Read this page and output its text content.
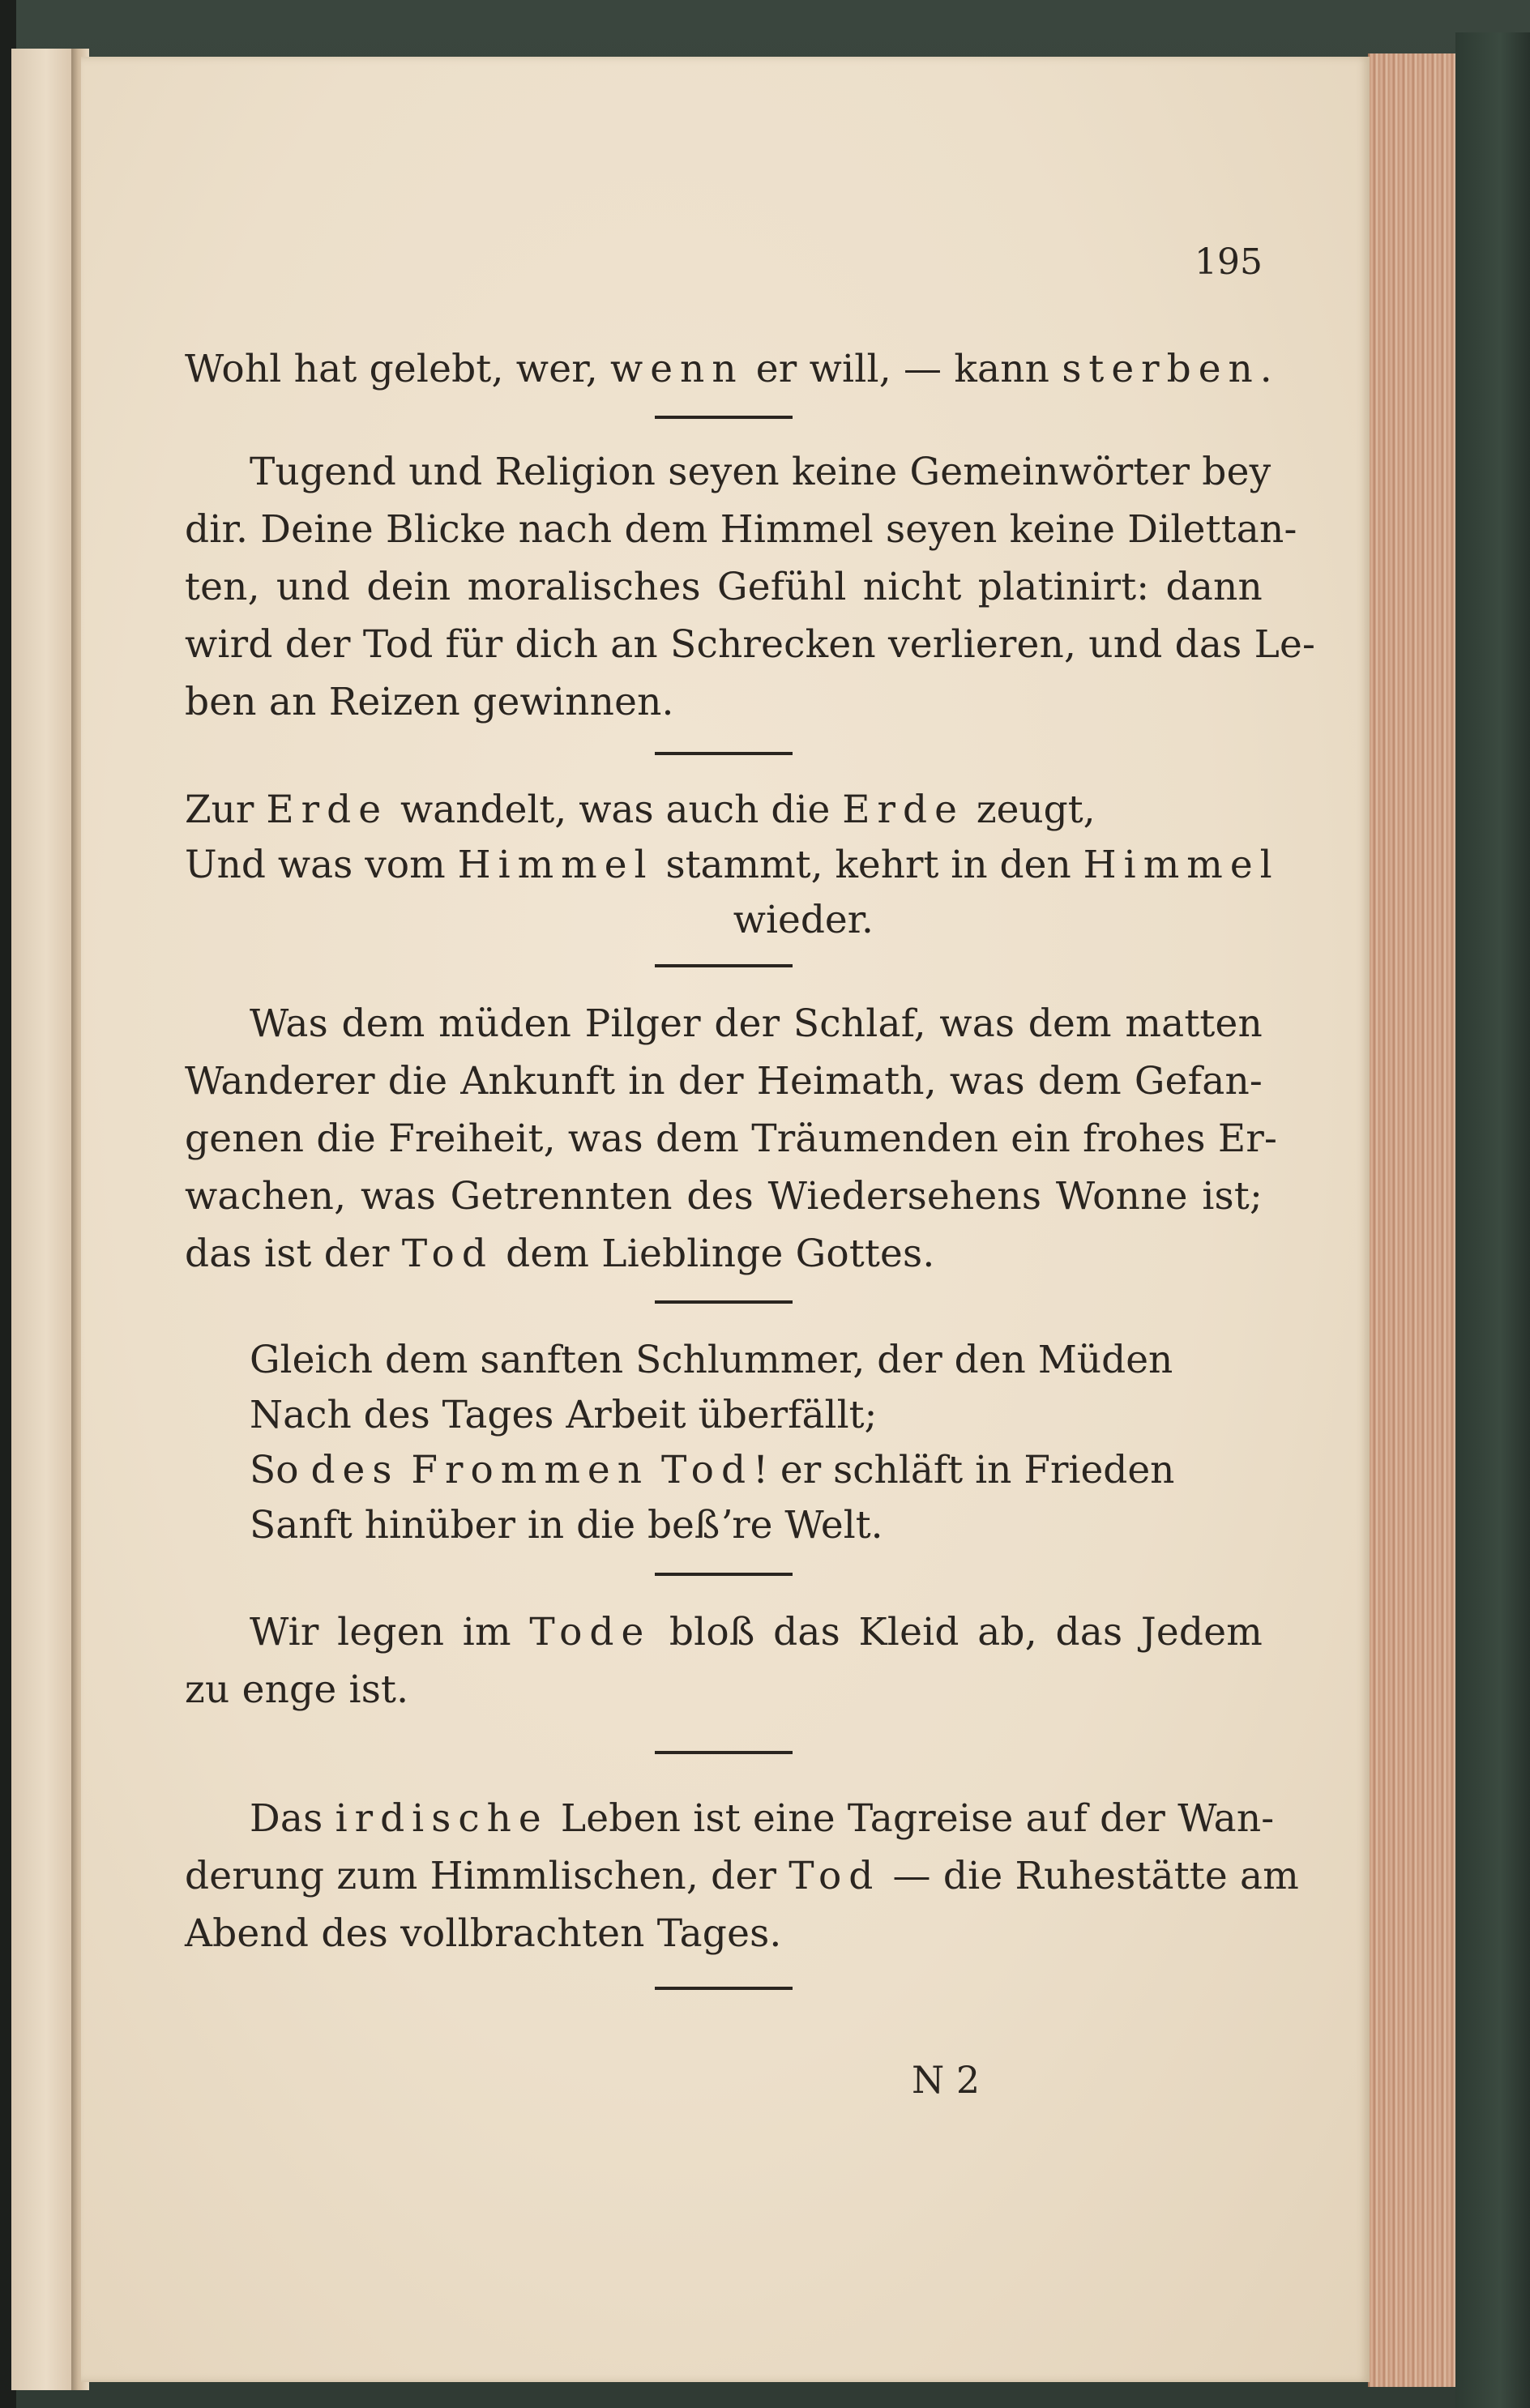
195
Wohl hat gelebt, wer, wenn er will, — kann sterben.
Tugend und Religion seyen keine Gemeinwörter bey
dir. Deine Blicke nach dem Himmel seyen keine Dilettan-
ten, und dein moralisches Gefühl nicht platinirt: dann
wird der Tod für dich an Schrecken verlieren, und das Le-
ben an Reizen gewinnen.
Zur Erde wandelt, was auch die Erde zeugt,
Und was vom Himmel stammt, kehrt in den Himmel
wieder.
Was dem müden Pilger der Schlaf, was dem matten
Wanderer die Ankunft in der Heimath, was dem Gefan-
genen die Freiheit, was dem Träumenden ein frohes Er-
wachen, was Getrennten des Wiedersehens Wonne ist;
das ist der Tod dem Lieblinge Gottes.
Gleich dem sanften Schlummer, der den Müden
Nach des Tages Arbeit überfällt;
So des Frommen Tod! er schläft in Frieden
Sanft hinüber in die beßʼre Welt.
Wir legen im Tode bloß das Kleid ab, das Jedem
zu enge ist.
Das irdische Leben ist eine Tagreise auf der Wan-
derung zum Himmlischen, der Tod — die Ruhestätte am
Abend des vollbrachten Tages.
N 2
